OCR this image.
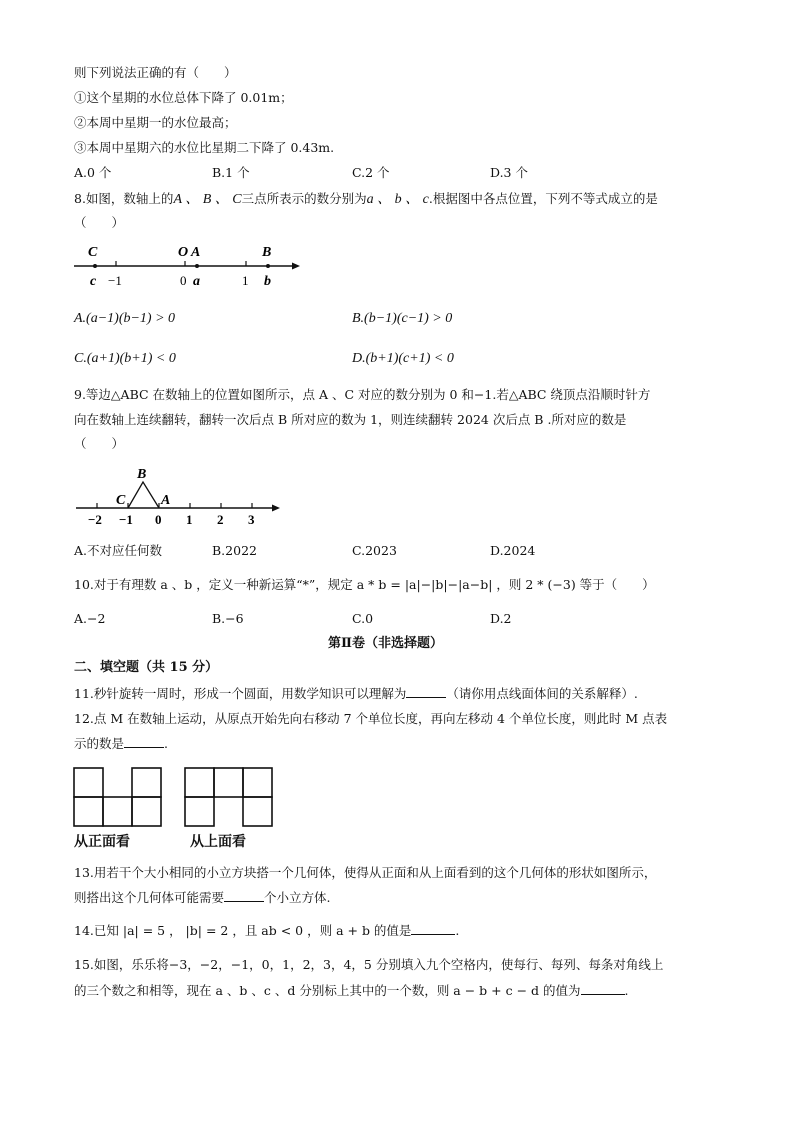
则下列说法正确的有（　　）
①这个星期的水位总体下降了 0.01m；
②本周中星期一的水位最高；
③本周中星期六的水位比星期二下降了 0.43m.
A.0 个	B.1 个	C.2 个	D.3 个
8.如图，数轴上的A 、 B 、 C三点所表示的数分别为a 、 b 、 c.根据图中各点位置，下列不等式成立的是
（　　）
C	O A	B
c −1	0 a	1 b
A.(a−1)(b−1) > 0	B.(b−1)(c−1) > 0
C.(a+1)(b+1) < 0	D.(b+1)(c+1) < 0
9.等边△ABC 在数轴上的位置如图所示，点 A 、C 对应的数分别为 0 和−1.若△ABC 绕顶点沿顺时针方
向在数轴上连续翻转，翻转一次后点 B 所对应的数为 1，则连续翻转 2024 次后点 B .所对应的数是
（　　）
B
C	A
−2 −1 0 1 2 3
A.不对应任何数	B.2022	C.2023	D.2024
10.对于有理数 a 、b ，定义一种新运算“*”，规定 a * b = |a|−|b|−|a−b| ，则 2 * (−3) 等于（　　）
A.−2	B.−6	C.0	D.2
第Ⅱ卷（非选择题）
二、填空题（共 15 分）
11.秒针旋转一周时，形成一个圆面，用数学知识可以理解为	（请你用点线面体间的关系解释）.
12.点 M 在数轴上运动，从原点开始先向右移动 7 个单位长度，再向左移动 4 个单位长度，则此时 M 点表
示的数是	.
从正面看	从上面看
13.用若干个大小相同的小立方块搭一个几何体，使得从正面和从上面看到的这个几何体的形状如图所示，
则搭出这个几何体可能需要	个小立方体.
14.已知 |a| = 5 ， |b| = 2 ，且 ab < 0 ，则 a + b 的值是	.
15.如图，乐乐将−3，−2，−1，0，1，2，3，4，5 分别填入九个空格内，使每行、每列、每条对角线上
的三个数之和相等，现在 a 、b 、c 、d 分别标上其中的一个数，则 a − b + c − d 的值为	.
